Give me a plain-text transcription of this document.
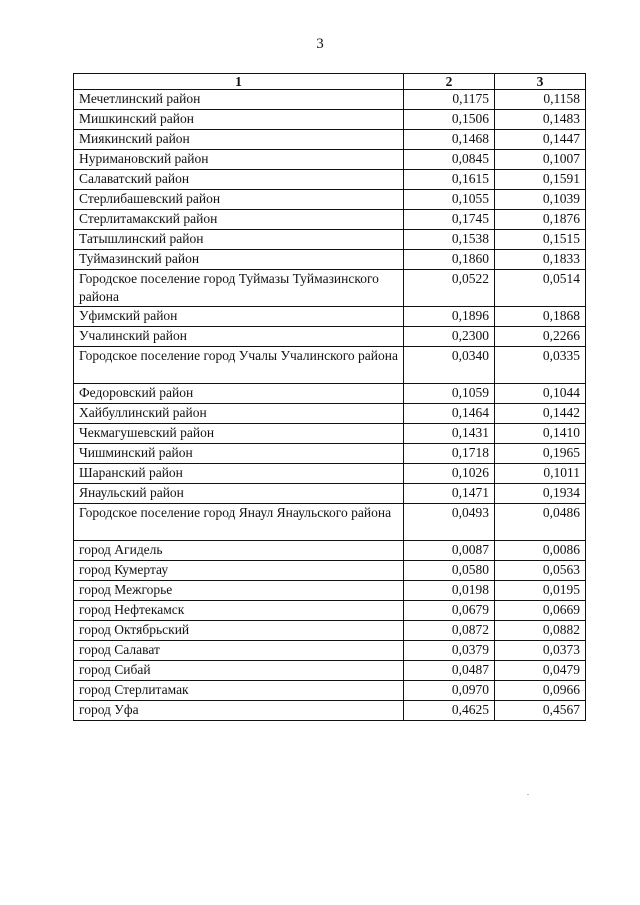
3
1	2	3
Мечетлинский район	0,1175	0,1158
Мишкинский район	0,1506	0,1483
Миякинский район	0,1468	0,1447
Нуримановский район	0,0845	0,1007
Салаватский район	0,1615	0,1591
Стерлибашевский район	0,1055	0,1039
Стерлитамакский район	0,1745	0,1876
Татышлинский район	0,1538	0,1515
Туймазинский район	0,1860	0,1833
Городское поселение город Туймазы Туймазинского района	0,0522	0,0514
Уфимский район	0,1896	0,1868
Учалинский район	0,2300	0,2266
Городское поселение город Учалы Учалинского района	0,0340	0,0335
Федоровский район	0,1059	0,1044
Хайбуллинский район	0,1464	0,1442
Чекмагушевский район	0,1431	0,1410
Чишминский район	0,1718	0,1965
Шаранский район	0,1026	0,1011
Янаульский район	0,1471	0,1934
Городское поселение город Янаул Янаульского района	0,0493	0,0486
город Агидель	0,0087	0,0086
город Кумертау	0,0580	0,0563
город Межгорье	0,0198	0,0195
город Нефтекамск	0,0679	0,0669
город Октябрьский	0,0872	0,0882
город Салават	0,0379	0,0373
город Сибай	0,0487	0,0479
город Стерлитамак	0,0970	0,0966
город Уфа	0,4625	0,4567
